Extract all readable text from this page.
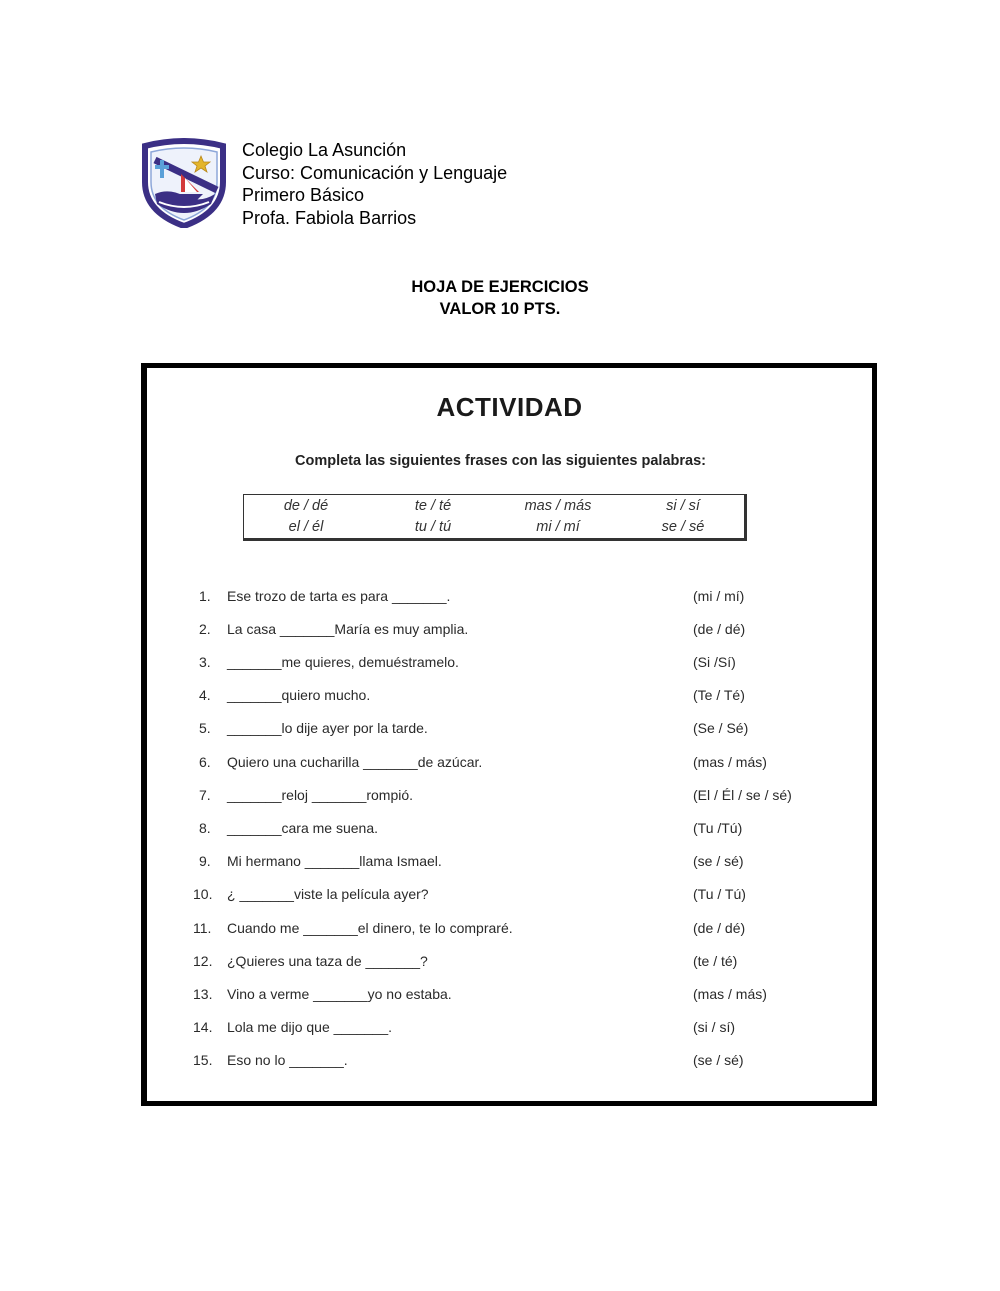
Colegio La Asunción
Curso: Comunicación y Lenguaje
Primero Básico
Profa. Fabiola Barrios
HOJA DE EJERCICIOS
VALOR 10 PTS.
ACTIVIDAD
Completa las siguientes frases con las siguientes palabras:
de / dé	te / té	mas / más	si / sí
el / él	tu / tú	mi / mí	se / sé
1. Ese trozo de tarta es para _______.	(mi / mí)
2. La casa _______María es muy amplia.	(de / dé)
3. _______me quieres, demuéstramelo.	(Si /Sí)
4. _______quiero mucho.	(Te / Té)
5. _______lo dije ayer por la tarde.	(Se / Sé)
6. Quiero una cucharilla _______de azúcar.	(mas / más)
7. _______reloj _______rompió.	(El / Él / se / sé)
8. _______cara me suena.	(Tu /Tú)
9. Mi hermano _______llama Ismael.	(se / sé)
10. ¿ _______viste la película ayer?	(Tu / Tú)
11. Cuando me _______el dinero, te lo compraré.	(de / dé)
12. ¿Quieres una taza de _______?	(te / té)
13. Vino a verme _______yo no estaba.	(mas / más)
14. Lola me dijo que _______.	(si / sí)
15. Eso no lo _______.	(se / sé)
